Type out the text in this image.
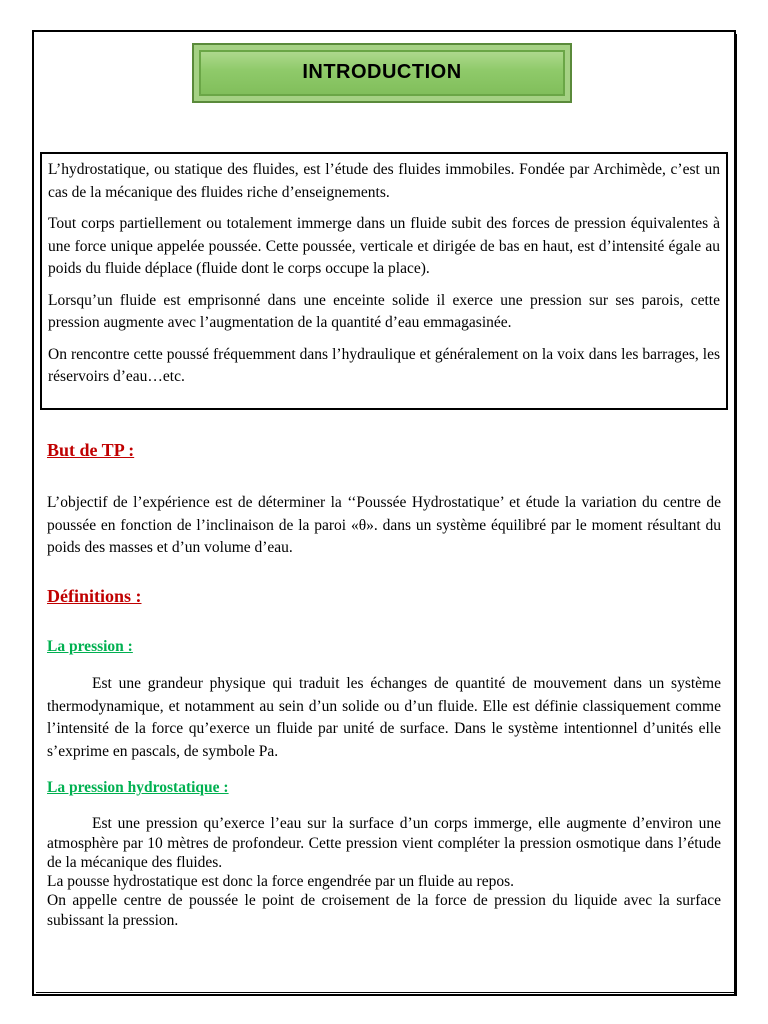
INTRODUCTION

L’hydrostatique, ou statique des fluides, est l’étude des fluides immobiles. Fondée par Archimède, c’est un cas de la mécanique des fluides riche d’enseignements.

Tout corps partiellement ou totalement immerge dans un fluide subit des forces de pression équivalentes à une force unique appelée poussée. Cette poussée, verticale et dirigée de bas en haut, est d’intensité égale au poids du fluide déplace (fluide dont le corps occupe la place).

Lorsqu’un fluide est emprisonné dans une enceinte solide il exerce une pression sur ses parois, cette pression augmente avec l’augmentation de la quantité d’eau emmagasinée.

On rencontre cette poussé fréquemment dans l’hydraulique et généralement on la voix dans les barrages, les réservoirs d’eau…etc.

But de TP :

L’objectif de l’expérience est de déterminer la ‘‘Poussée Hydrostatique’ et étude la variation du centre de poussée en fonction de l’inclinaison de la paroi «θ». dans un système équilibré par le moment résultant du poids des masses et d’un volume d’eau.

Définitions :
La pression :

Est une grandeur physique qui traduit les échanges de quantité de mouvement dans un système thermodynamique, et notamment au sein d’un solide ou d’un fluide. Elle est définie classiquement comme l’intensité de la force qu’exerce un fluide par unité de surface. Dans le système intentionnel d’unités elle s’exprime en pascals, de symbole Pa.

La pression hydrostatique :

Est une pression qu’exerce l’eau sur la surface d’un corps immerge, elle augmente d’environ une atmosphère par 10 mètres de profondeur. Cette pression vient compléter la pression osmotique dans l’étude de la mécanique des fluides.

La pousse hydrostatique est donc la force engendrée par un fluide au repos.

On appelle centre de poussée le point de croisement de la force de pression du liquide avec la surface subissant la pression.
